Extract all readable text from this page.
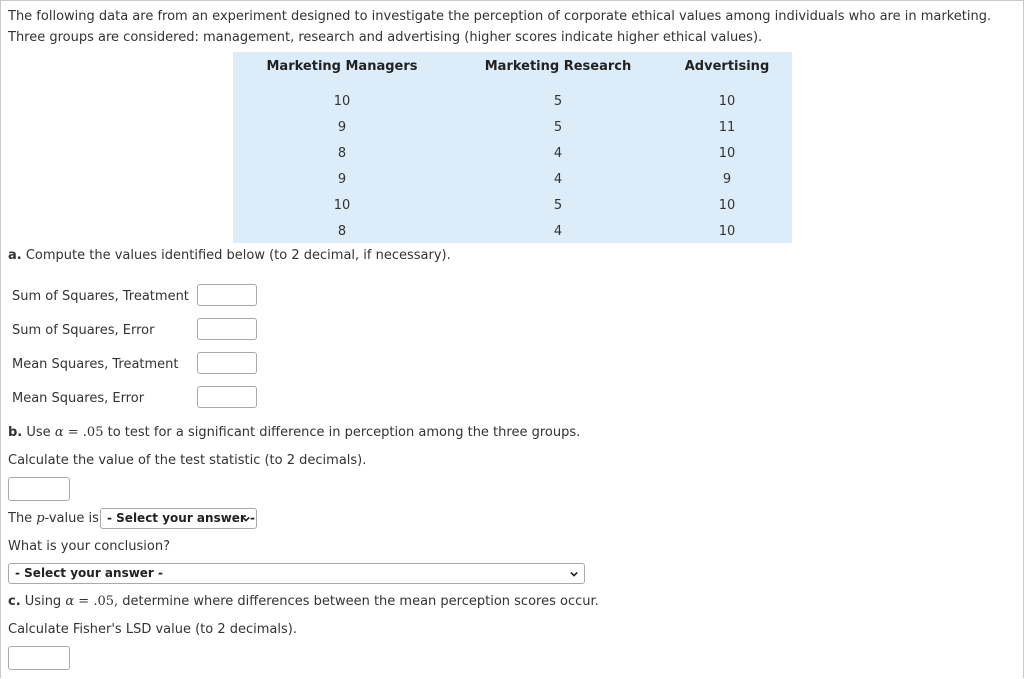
The following data are from an experiment designed to investigate the perception of corporate ethical values among individuals who are in marketing. Three groups are considered: management, research and advertising (higher scores indicate higher ethical values).
Marketing Managers	Marketing Research	Advertising
10	5	10
9	5	11
8	4	10
9	4	9
10	5	10
8	4	10
a. Compute the values identified below (to 2 decimal, if necessary).
Sum of Squares, Treatment
Sum of Squares, Error
Mean Squares, Treatment
Mean Squares, Error
b. Use α = .05 to test for a significant difference in perception among the three groups.
Calculate the value of the test statistic (to 2 decimals).
The p-value is - Select your answer -
What is your conclusion?
- Select your answer -
c. Using α = .05, determine where differences between the mean perception scores occur.
Calculate Fisher's LSD value (to 2 decimals).
